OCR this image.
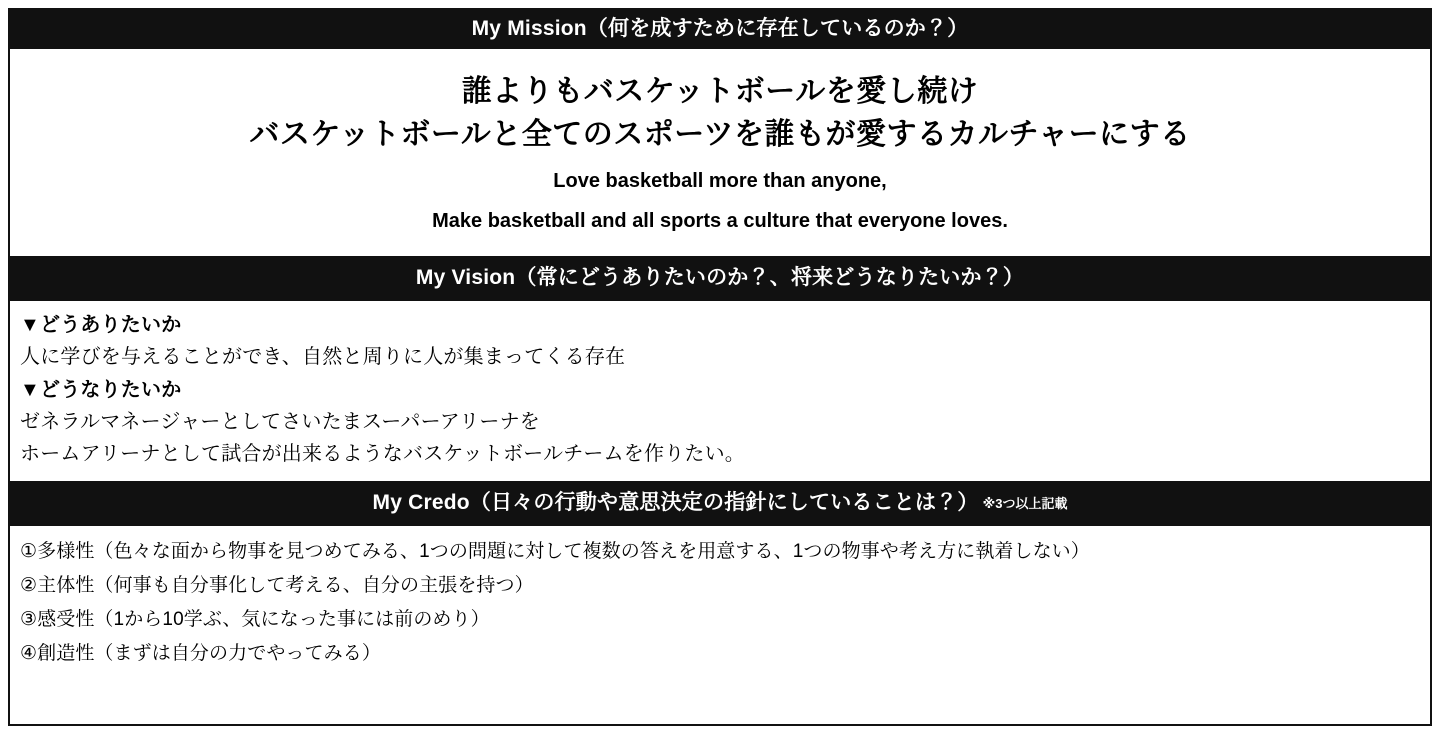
My Mission（何を成すために存在しているのか？）
誰よりもバスケットボールを愛し続け
バスケットボールと全てのスポーツを誰もが愛するカルチャーにする
Love basketball more than anyone,
Make basketball and all sports a culture that everyone loves.
My Vision（常にどうありたいのか？、将来どうなりたいか？）
▼どうありたいか
人に学びを与えることができ、自然と周りに人が集まってくる存在
▼どうなりたいか
ゼネラルマネージャーとしてさいたまスーパーアリーナを
ホームアリーナとして試合が出来るようなバスケットボールチームを作りたい。
My Credo（日々の行動や意思決定の指針にしていることは？） ※3つ以上記載
①多様性（色々な面から物事を見つめてみる、1つの問題に対して複数の答えを用意する、1つの物事や考え方に執着しない）
②主体性（何事も自分事化して考える、自分の主張を持つ）
③感受性（1から10学ぶ、気になった事には前のめり）
④創造性（まずは自分の力でやってみる）
